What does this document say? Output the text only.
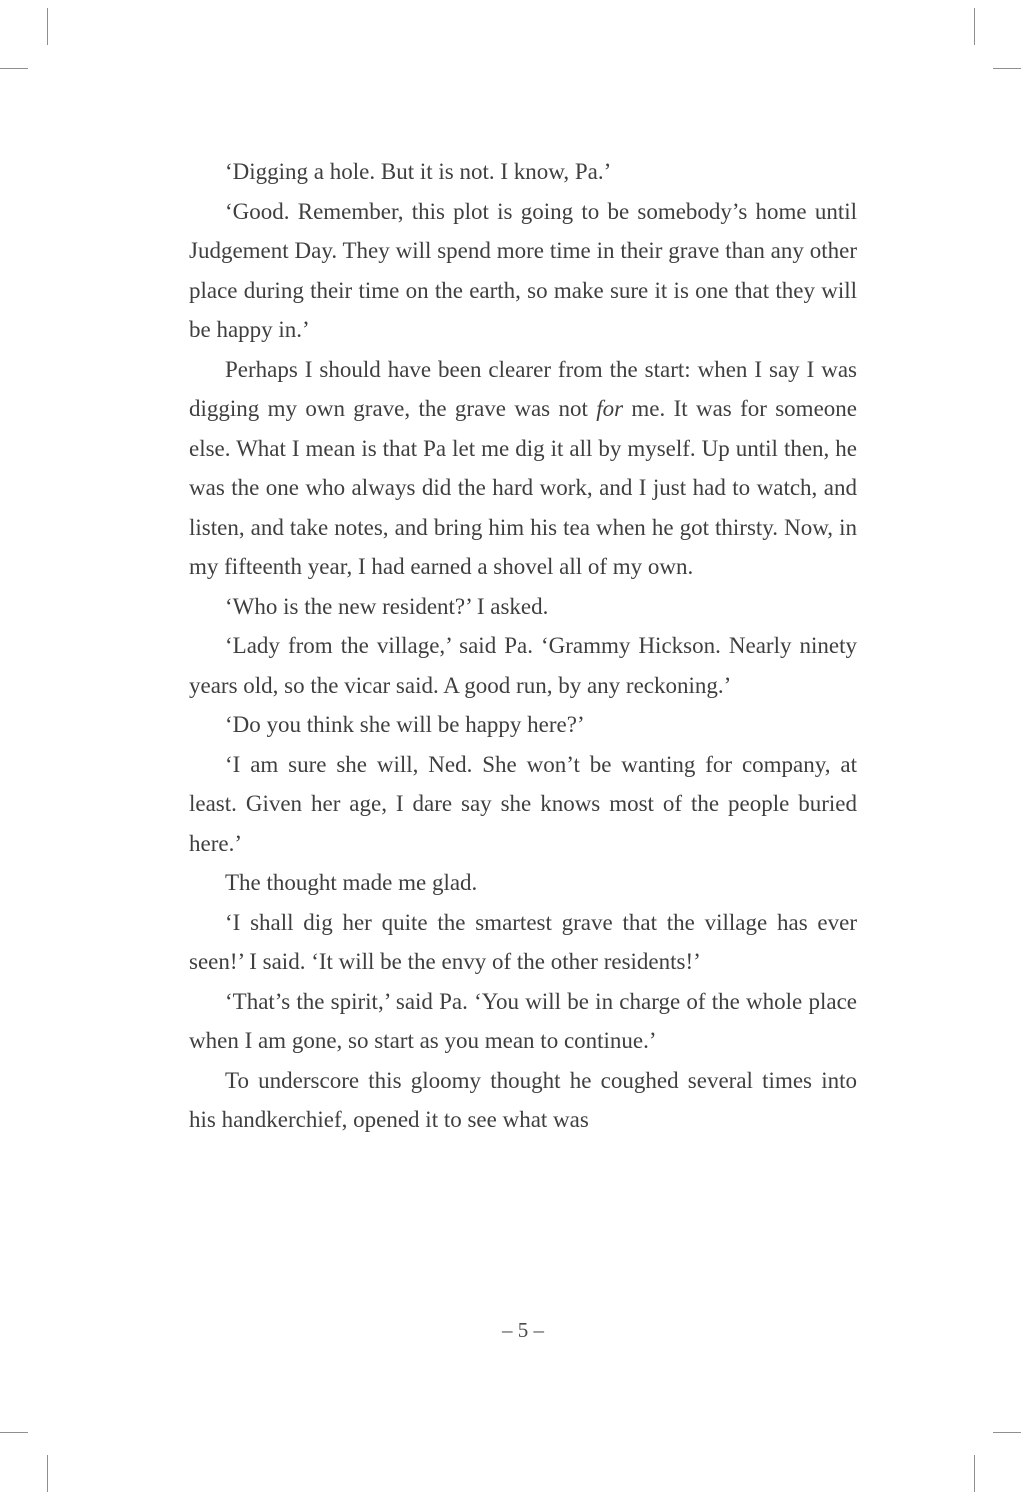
‘Digging a hole. But it is not. I know, Pa.’

‘Good. Remember, this plot is going to be somebody’s home until Judgement Day. They will spend more time in their grave than any other place during their time on the earth, so make sure it is one that they will be happy in.’

Perhaps I should have been clearer from the start: when I say I was digging my own grave, the grave was not for me. It was for someone else. What I mean is that Pa let me dig it all by myself. Up until then, he was the one who always did the hard work, and I just had to watch, and listen, and take notes, and bring him his tea when he got thirsty. Now, in my fifteenth year, I had earned a shovel all of my own.

‘Who is the new resident?’ I asked.

‘Lady from the village,’ said Pa. ‘Grammy Hickson. Nearly ninety years old, so the vicar said. A good run, by any reckoning.’

‘Do you think she will be happy here?’

‘I am sure she will, Ned. She won’t be wanting for company, at least. Given her age, I dare say she knows most of the people buried here.’

The thought made me glad.

‘I shall dig her quite the smartest grave that the village has ever seen!’ I said. ‘It will be the envy of the other residents!’

‘That’s the spirit,’ said Pa. ‘You will be in charge of the whole place when I am gone, so start as you mean to continue.’

To underscore this gloomy thought he coughed several times into his handkerchief, opened it to see what was

– 5 –
